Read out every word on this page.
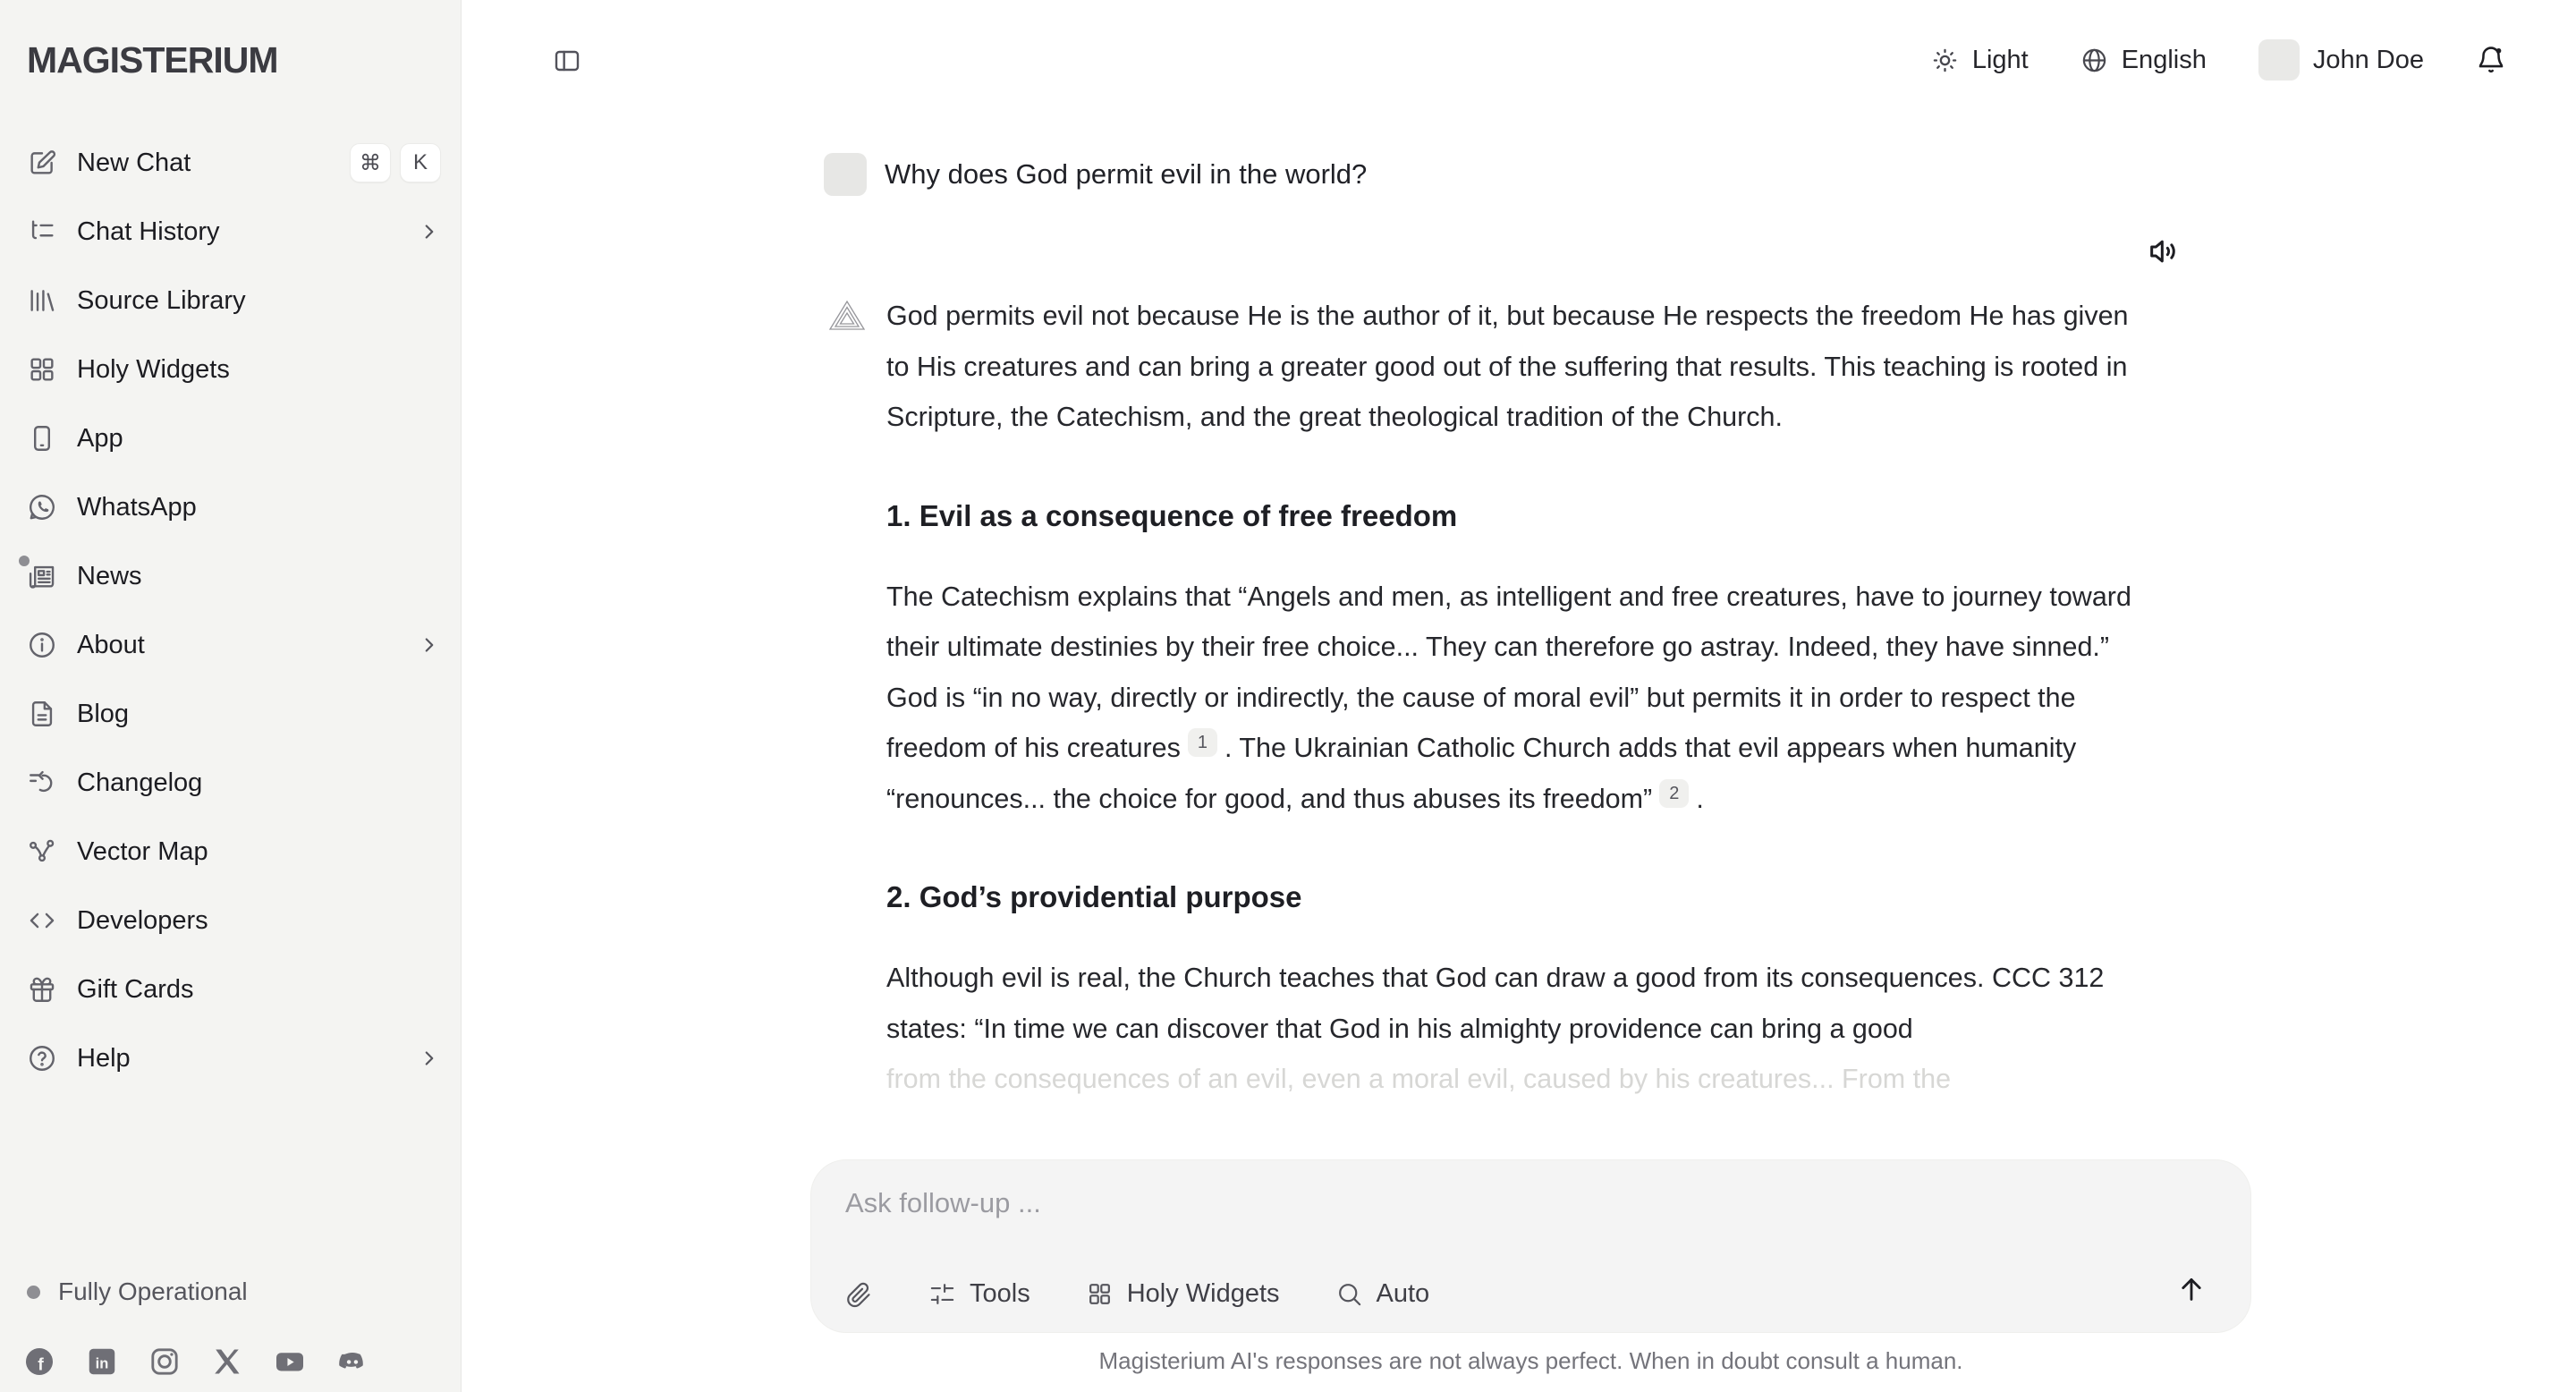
MAGISTERIUM
New Chat	⌘	K
Chat History
Source Library
Holy Widgets
App
WhatsApp
News
About
Blog
Changelog
Vector Map
Developers
Gift Cards
Help
Fully Operational
f	in
Light	English	John Doe
Why does God permit evil in the world?

God permits evil not because He is the author of it, but because He respects the freedom He has given to His creatures and can bring a greater good out of the suffering that results. This teaching is rooted in Scripture, the Catechism, and the great theological tradition of the Church.

1. Evil as a consequence of free freedom

The Catechism explains that “Angels and men, as intelligent and free creatures, have to journey toward their ultimate destinies by their free choice... They can therefore go astray. Indeed, they have sinned.” God is “in no way, directly or indirectly, the cause of moral evil” but permits it in order to respect the freedom of his creatures 1 . The Ukrainian Catholic Church adds that evil appears when humanity “renounces... the choice for good, and thus abuses its freedom” 2 .

2. God’s providential purpose

Although evil is real, the Church teaches that God can draw a good from its consequences. CCC 312 states: “In time we can discover that God in his almighty providence can bring a good

from the consequences of an evil, even a moral evil, caused by his creatures... From the

Ask follow-up ...
Tools	Holy Widgets	Auto
Magisterium AI's responses are not always perfect. When in doubt consult a human.
